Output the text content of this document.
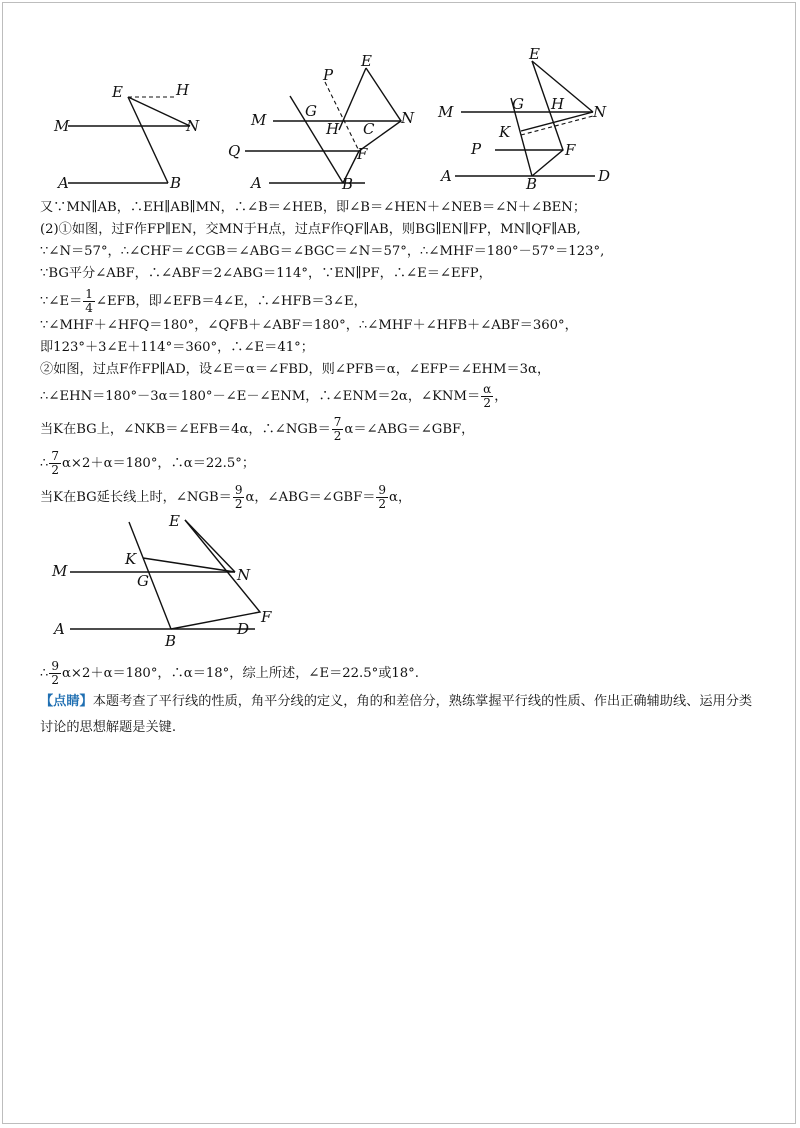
E	H
M	N
A	B
P
E
M	G
H C
N
Q	F
A	B
E
M	G H N
K
P	F
A	B	D
又∵MN∥AB，∴EH∥AB∥MN，∴∠B＝∠HEB，即∠B＝∠HEN＋∠NEB＝∠N＋∠BEN；
(2)①如图，过F作FP∥EN，交MN于H点，过点F作QF∥AB，则BG∥EN∥FP，MN∥QF∥AB,
∵∠N＝57°，∴∠CHF＝∠CGB＝∠ABG＝∠BGC＝∠N＝57°，∴∠MHF＝180°－57°＝123°,
∵BG平分∠ABF，∴∠ABF＝2∠ABG＝114°，∵EN∥PF，∴∠E＝∠EFP，
∵∠E＝ $\frac{1}{4}$ ∠EFB，即∠EFB＝4∠E，∴∠HFB＝3∠E，
∵∠MHF＋∠HFQ＝180°，∠QFB＋∠ABF＝180°，∴∠MHF＋∠HFB＋∠ABF＝360°，
即123°＋3∠E＋114°＝360°，∴∠E＝41°；
②如图，过点F作FP∥AD，设∠E＝α＝∠FBD，则∠PFB＝α，∠EFP＝∠EHM＝3α，
∴∠EHN＝180°－3α＝180°－∠E－∠ENM，∴∠ENM＝2α，∠KNM＝ $\frac{\alpha}{2}$ ，
当K在BG上，∠NKB＝∠EFB＝4α，∴∠NGB＝ $\frac{7}{2}$ α＝∠ABG＝∠GBF，
∴ $\frac{7}{2} \alpha\times 2+\alpha=180^\circ$，∴α＝22.5°；
当K在BG延长线上时，∠NGB＝ $\frac{9}{2}$ α，∠ABG＝∠GBF＝ $\frac{9}{2}$ α，
E
K
M
G	N
F
A
B
D
∴ $\frac{9}{2} \alpha\times 2+\alpha=180^\circ$，∴α＝18°，综上所述，∠E＝22.5°或18°.
【点睛】本题考查了平行线的性质，角平分线的定义，角的和差倍分，熟练掌握平行线的性质、作出正确辅助线、运用分类讨论的思想解题是关键.
